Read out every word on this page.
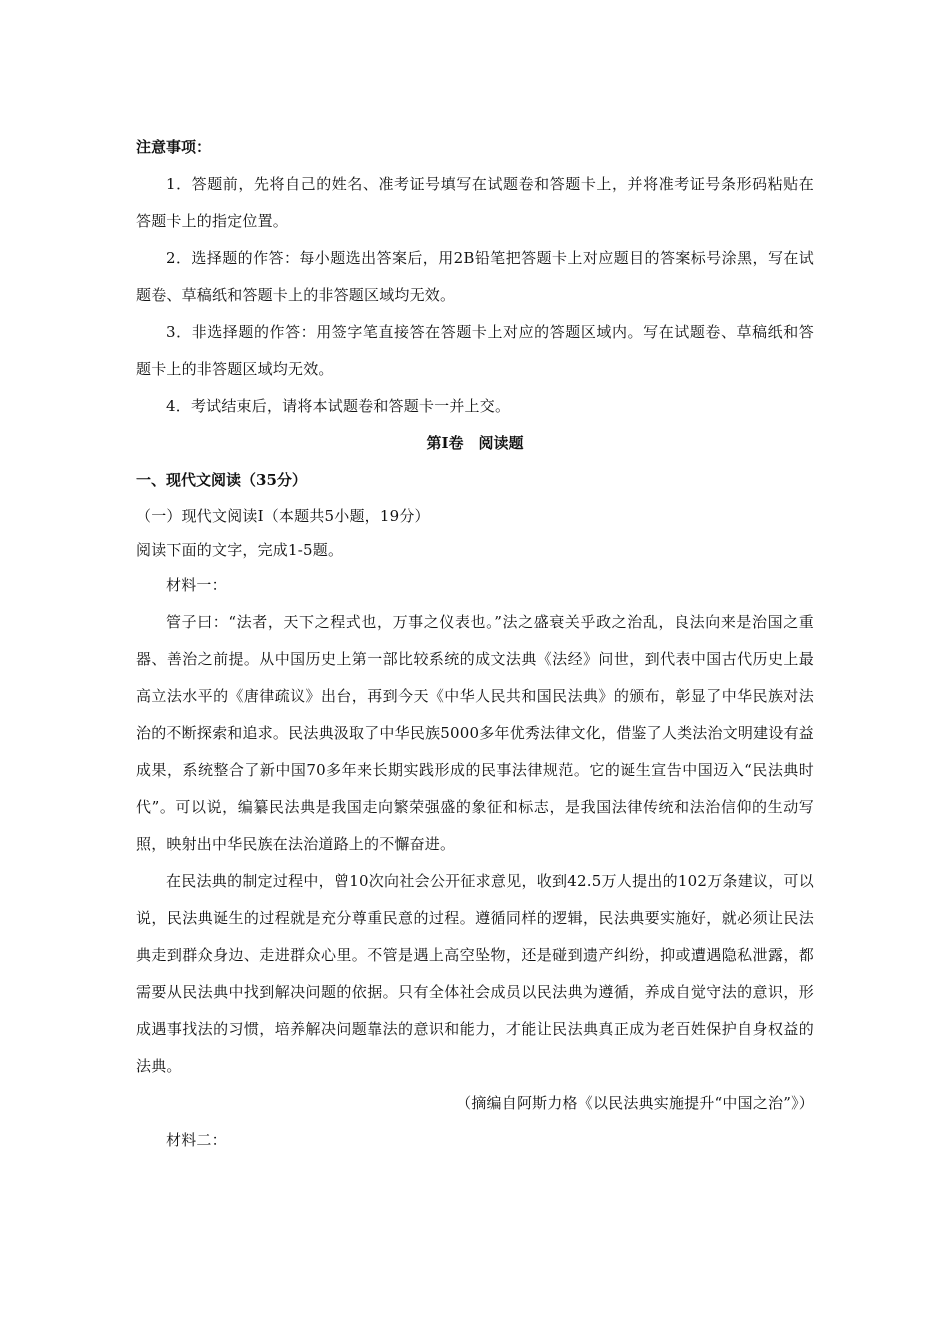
注意事项：

1．答题前，先将自己的姓名、准考证号填写在试题卷和答题卡上，并将准考证号条形码粘贴在答题卡上的指定位置。

2．选择题的作答：每小题选出答案后，用2B铅笔把答题卡上对应题目的答案标号涂黑，写在试题卷、草稿纸和答题卡上的非答题区域均无效。

3．非选择题的作答：用签字笔直接答在答题卡上对应的答题区域内。写在试题卷、草稿纸和答题卡上的非答题区域均无效。

4．考试结束后，请将本试题卷和答题卡一并上交。

第Ⅰ卷　阅读题

一、现代文阅读（35分）

（一）现代文阅读Ⅰ（本题共5小题，19分）

阅读下面的文字，完成1-5题。

材料一：

管子曰：“法者，天下之程式也，万事之仪表也。”法之盛衰关乎政之治乱，良法向来是治国之重器、善治之前提。从中国历史上第一部比较系统的成文法典《法经》问世，到代表中国古代历史上最高立法水平的《唐律疏议》出台，再到今天《中华人民共和国民法典》的颁布，彰显了中华民族对法治的不断探索和追求。民法典汲取了中华民族5000多年优秀法律文化，借鉴了人类法治文明建设有益成果，系统整合了新中国70多年来长期实践形成的民事法律规范。它的诞生宣告中国迈入“民法典时代”。可以说，编纂民法典是我国走向繁荣强盛的象征和标志，是我国法律传统和法治信仰的生动写照，映射出中华民族在法治道路上的不懈奋进。

在民法典的制定过程中，曾10次向社会公开征求意见，收到42.5万人提出的102万条建议，可以说，民法典诞生的过程就是充分尊重民意的过程。遵循同样的逻辑，民法典要实施好，就必须让民法典走到群众身边、走进群众心里。不管是遇上高空坠物，还是碰到遗产纠纷，抑或遭遇隐私泄露，都需要从民法典中找到解决问题的依据。只有全体社会成员以民法典为遵循，养成自觉守法的意识，形成遇事找法的习惯，培养解决问题靠法的意识和能力，才能让民法典真正成为老百姓保护自身权益的法典。

（摘编自阿斯力格《以民法典实施提升“中国之治”》）

材料二：
